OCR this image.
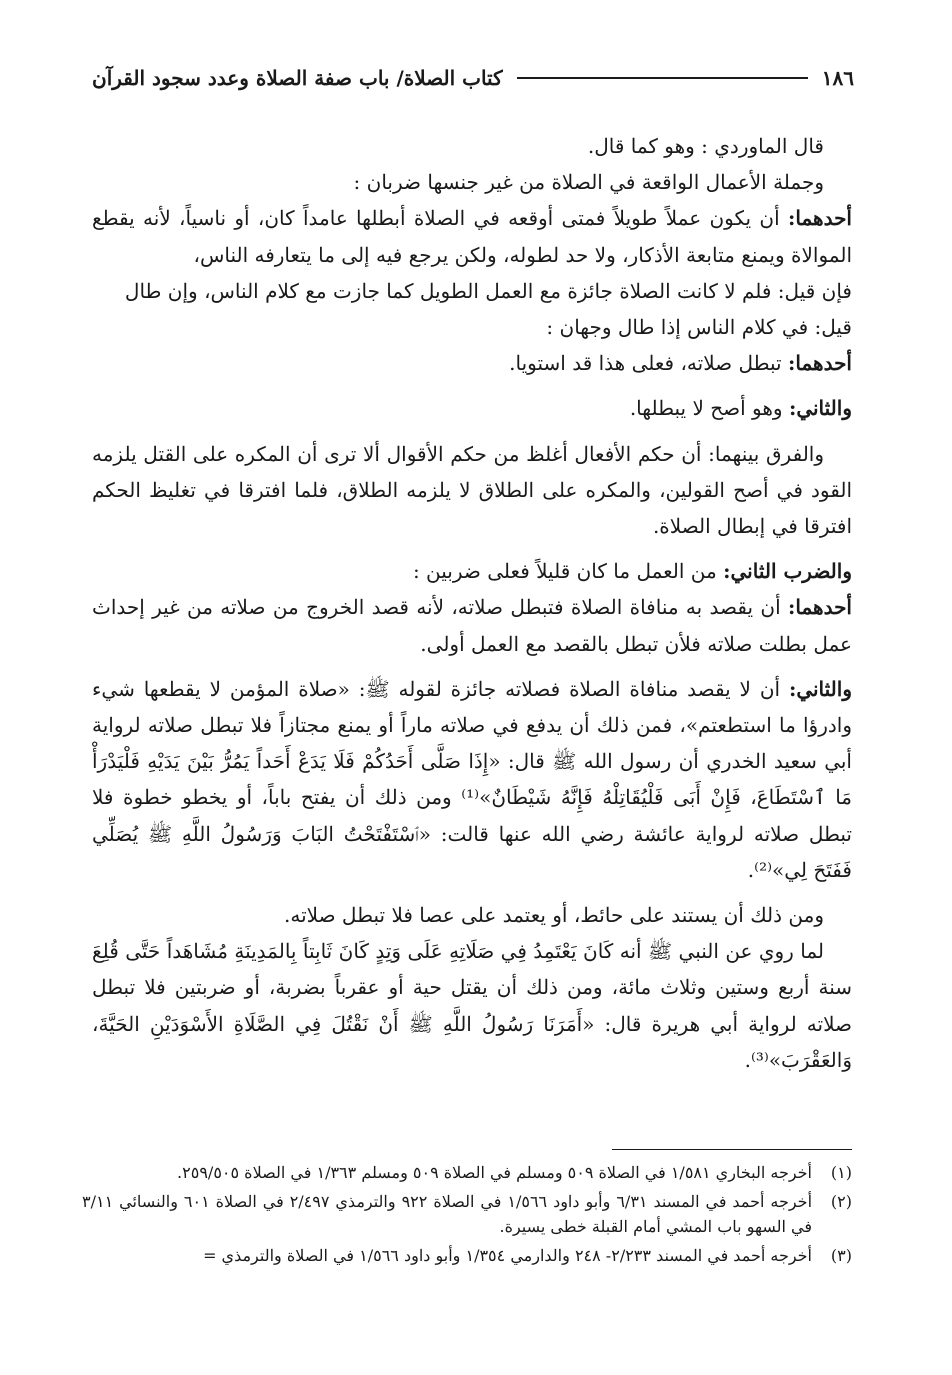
١٨٦
كتاب الصلاة/ باب صفة الصلاة وعدد سجود القرآن

قال الماوردي : وهو كما قال.

وجملة الأعمال الواقعة في الصلاة من غير جنسها ضربان :

أحدهما: أن يكون عملاً طويلاً فمتى أوقعه في الصلاة أبطلها عامداً كان، أو ناسياً، لأنه يقطع الموالاة ويمنع متابعة الأذكار، ولا حد لطوله، ولكن يرجع فيه إلى ما يتعارفه الناس،

فإن قيل: فلم لا كانت الصلاة جائزة مع العمل الطويل كما جازت مع كلام الناس، وإن طال

قيل: في كلام الناس إذا طال وجهان :

أحدهما: تبطل صلاته، فعلى هذا قد استويا.

والثاني: وهو أصح لا يبطلها.

والفرق بينهما: أن حكم الأفعال أغلظ من حكم الأقوال ألا ترى أن المكره على القتل يلزمه القود في أصح القولين، والمكره على الطلاق لا يلزمه الطلاق، فلما افترقا في تغليظ الحكم افترقا في إبطال الصلاة.

والضرب الثاني: من العمل ما كان قليلاً فعلى ضربين :

أحدهما: أن يقصد به منافاة الصلاة فتبطل صلاته، لأنه قصد الخروج من صلاته من غير إحداث عمل بطلت صلاته فلأن تبطل بالقصد مع العمل أولى.

والثاني: أن لا يقصد منافاة الصلاة فصلاته جائزة لقوله ﷺ: «صلاة المؤمن لا يقطعها شيء وادرؤا ما استطعتم»، فمن ذلك أن يدفع في صلاته ماراً أو يمنع مجتازاً فلا تبطل صلاته لرواية أبي سعيد الخدري أن رسول الله ﷺ قال: «إِذَا صَلَّى أَحَدُكُمْ فَلَا يَدَعْ أَحَداً يَمُرُّ بَيْنَ يَدَيْهِ فَلْيَدْرَأْ مَا ٱسْتَطَاعَ، فَإِنْ أَبَى فَلْيُقَاتِلْهُ فَإِنَّهُ شَيْطَانٌ»⁽¹⁾ ومن ذلك أن يفتح باباً، أو يخطو خطوة فلا تبطل صلاته لرواية عائشة رضي الله عنها قالت: «ٱسْتَفْتَحْتُ البَابَ وَرَسُولُ اللَّهِ ﷺ يُصَلِّي فَفَتَحَ لِي»⁽²⁾.

ومن ذلك أن يستند على حائط، أو يعتمد على عصا فلا تبطل صلاته.

لما روي عن النبي ﷺ أنه كَانَ يَعْتَمِدُ فِي صَلَاتِهِ عَلَى وَتِدٍ كَانَ ثَابِتاً بِالمَدِينَةِ مُشَاهَداً حَتَّى قُلِعَ سنة أربع وستين وثلاث مائة، ومن ذلك أن يقتل حية أو عقرباً بضربة، أو ضربتين فلا تبطل صلاته لرواية أبي هريرة قال: «أَمَرَنَا رَسُولُ اللَّهِ ﷺ أَنْ نَقْتُلَ فِي الصَّلَاةِ الأَسْوَدَيْنِ الحَيَّةَ، وَالعَقْرَبَ»⁽³⁾.

(١)
أخرجه البخاري ١/٥٨١ في الصلاة ٥٠٩ ومسلم في الصلاة ٥٠٩ ومسلم ١/٣٦٣ في الصلاة ٢٥٩/٥٠٥.
(٢)
أخرجه أحمد في المسند ٦/٣١ وأبو داود ١/٥٦٦ في الصلاة ٩٢٢ والترمذي ٢/٤٩٧ في الصلاة ٦٠١ والنسائي ٣/١١ في السهو باب المشي أمام القبلة خطى يسيرة.
(٣)
أخرجه أحمد في المسند ٢/٢٣٣- ٢٤٨ والدارمي ١/٣٥٤ وأبو داود ١/٥٦٦ في الصلاة والترمذي =
